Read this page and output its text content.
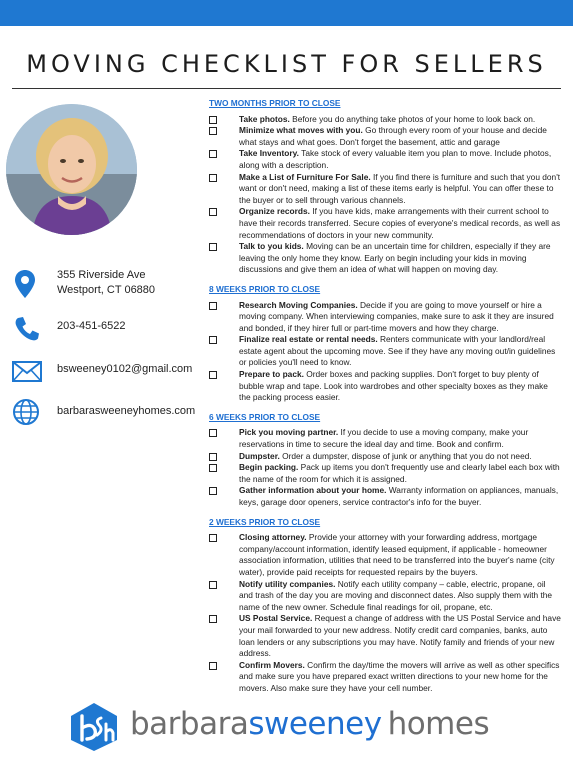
MOVING CHECKLIST FOR SELLERS
355 Riverside Ave
Westport, CT 06880
203-451-6522
bsweeney0102@gmail.com
barbarasweeneyhomes.com
TWO MONTHS PRIOR TO CLOSE
Take photos. Before you do anything take photos of your home to look back on.
Minimize what moves with you. Go through every room of your house and decide what stays and what goes. Don't forget the basement, attic and garage
Take Inventory. Take stock of every valuable item you plan to move. Include photos, along with a description.
Make a List of Furniture For Sale. If you find there is furniture and such that you don't want or don't need, making a list of these items early is helpful. You can offer these to the buyer or to sell through various channels.
Organize records. If you have kids, make arrangements with their current school to have their records transferred. Secure copies of everyone's medical records, as well as recommendations of doctors in your new community.
Talk to you kids. Moving can be an uncertain time for children, especially if they are leaving the only home they know. Early on begin including your kids in moving discussions and give them an idea of what will happen on moving day.
8 WEEKS PRIOR TO CLOSE
Research Moving Companies. Decide if you are going to move yourself or hire a moving company. When interviewing companies, make sure to ask it they are insured and bonded, if they hirer full or part-time movers and how they charge.
Finalize real estate or rental needs. Renters communicate with your landlord/real estate agent about the upcoming move. See if they have any moving out/in guidelines or policies you'll need to know.
Prepare to pack. Order boxes and packing supplies. Don't forget to buy plenty of bubble wrap and tape. Look into wardrobes and other specialty boxes as they make the packing process easier.
6 WEEKS PRIOR TO CLOSE
Pick you moving partner. If you decide to use a moving company, make your reservations in time to secure the ideal day and time. Book and confirm.
Dumpster. Order a dumpster, dispose of junk or anything that you do not need.
Begin packing. Pack up items you don't frequently use and clearly label each box with the name of the room for which it is assigned.
Gather information about your home. Warranty information on appliances, manuals, keys, garage door openers, service contractor's info for the buyer.
2 WEEKS PRIOR TO CLOSE
Closing attorney. Provide your attorney with your forwarding address, mortgage company/account information, identify leased equipment, if applicable - homeowner association information, utilities that need to be transferred into the buyer's name (city water), provide paid receipts for requested repairs by the buyers.
Notify utility companies. Notify each utility company – cable, electric, propane, oil and trash of the day you are moving and disconnect dates. Also supply them with the name of the new owner. Schedule final readings for oil, propane, etc.
US Postal Service. Request a change of address with the US Postal Service and have your mail forwarded to your new address. Notify credit card companies, banks, auto loan lenders or any subscriptions you may have. Notify family and friends of your new address.
Confirm Movers. Confirm the day/time the movers will arrive as well as other specifics and make sure you have prepared exact written directions to your new home for the movers. Also make sure they have your cell number.
barbarasweeney homes
